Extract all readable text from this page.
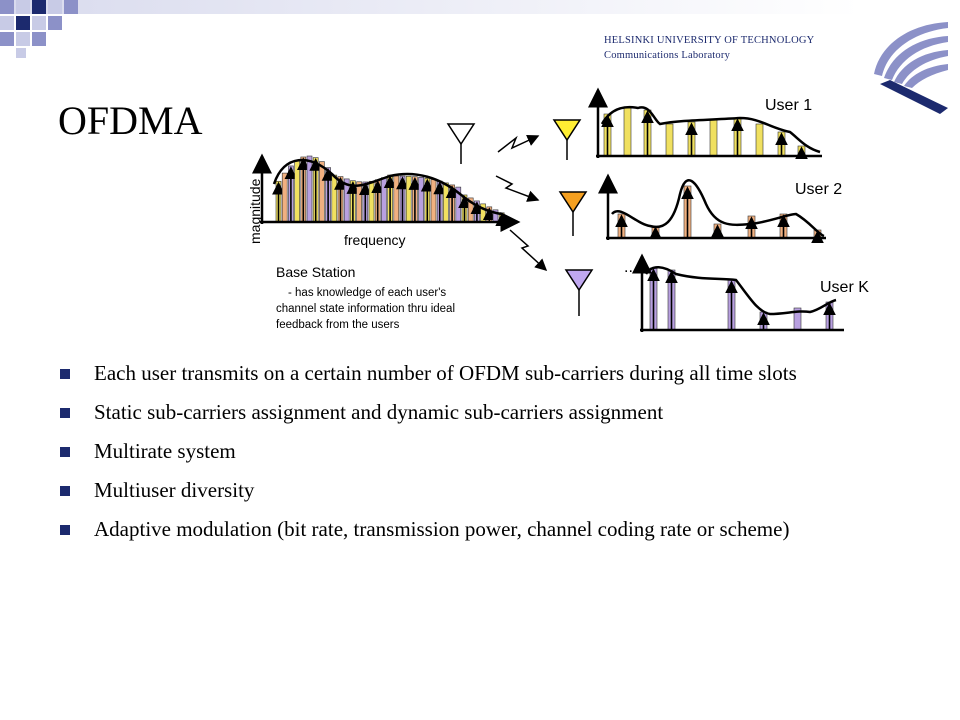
HELSINKI UNIVERSITY OF TECHNOLOGY
Communications Laboratory
OFDMA
magnitude	frequency
Base Station
- has knowledge of each user's
channel state information thru ideal
feedback from the users
User 1
User 2
User K
...
Each user transmits on a certain number of OFDM sub-carriers during all time slots
Static sub-carriers assignment and dynamic sub-carriers assignment
Multirate system
Multiuser diversity
Adaptive modulation (bit rate, transmission power, channel coding rate or scheme)
